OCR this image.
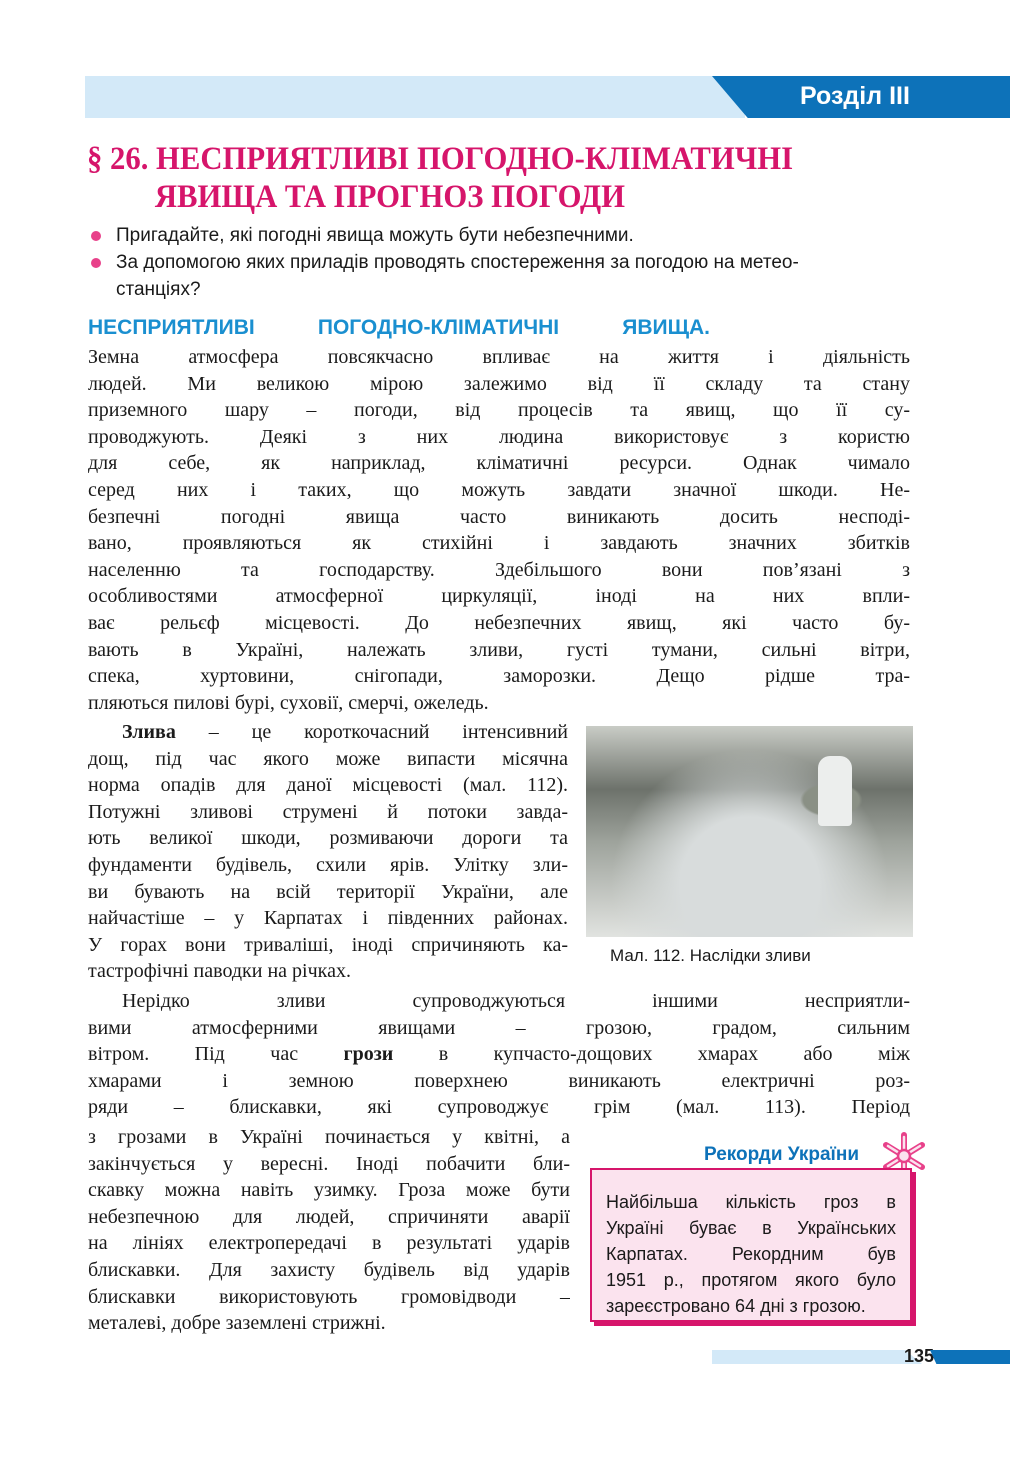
Розділ III
§ 26. НЕСПРИЯТЛИВІ ПОГОДНО-КЛІМАТИЧНІ
ЯВИЩА ТА ПРОГНОЗ ПОГОДИ
Пригадайте, які погодні явища можуть бути небезпечними.
За допомогою яких приладів проводять спостереження за погодою на метео-
станціях?
НЕСПРИЯТЛИВІ ПОГОДНО-КЛІМАТИЧНІ ЯВИЩА.
Земна атмосфера повсякчасно впливає на життя і діяльність
людей. Ми великою мірою залежимо від її складу та стану
приземного шару – погоди, від процесів та явищ, що її су-
проводжують. Деякі з них людина використовує з користю
для себе, як наприклад, кліматичні ресурси. Однак чимало
серед них і таких, що можуть завдати значної шкоди. Не-
безпечні погодні явища часто виникають досить несподі-
вано, проявляються як стихійні і завдають значних збитків
населенню та господарству. Здебільшого вони пов’язані з
особливостями атмосферної циркуляції, іноді на них впли-
ває рельєф місцевості. До небезпечних явищ, які часто бу-
вають в Україні, належать зливи, густі тумани, сильні вітри,
спека, хуртовини, снігопади, заморозки. Дещо рідше тра-
пляються пилові бурі, суховії, смерчі, ожеледь.
Злива – це короткочасний інтенсивний
дощ, під час якого може випасти місячна
норма опадів для даної місцевості (мал. 112).
Потужні зливові струмені й потоки завда-
ють великої шкоди, розмиваючи дороги та
фундаменти будівель, схили ярів. Улітку зли-
ви бувають на всій території України, але
найчастіше – у Карпатах і південних районах.
У горах вони триваліші, іноді спричиняють ка-
тастрофічні паводки на річках.
Нерідко зливи супроводжуються іншими несприятли-
вими атмосферними явищами – грозою, градом, сильним
вітром. Під час грози в купчасто-дощових хмарах або між
хмарами і земною поверхнею виникають електричні роз-
ряди – блискавки, які супроводжує грім (мал. 113). Період
з грозами в Україні починається у квітні, а
закінчується у вересні. Іноді побачити бли-
скавку можна навіть узимку. Гроза може бути
небезпечною для людей, спричиняти аварії
на лініях електропередачі в результаті ударів
блискавки. Для захисту будівель від ударів
блискавки використовують громовідводи –
металеві, добре заземлені стрижні.
Мал. 112. Наслідки зливи
Рекорди України
Найбільша кількість гроз в
Україні буває в Українських
Карпатах. Рекордним був
1951 р., протягом якого було
зареєстровано 64 дні з грозою.
135
